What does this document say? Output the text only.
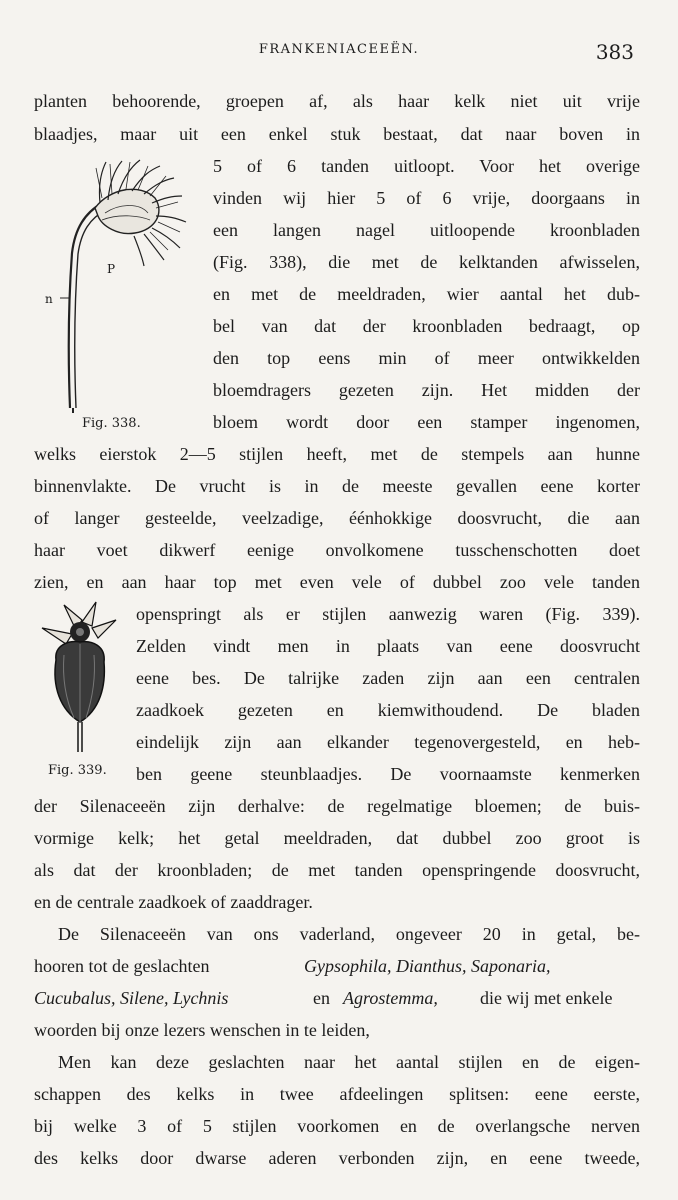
FRANKENIACEEËN.	383
P
n
Fig. 338.
Fig. 339.
planten behoorende, groepen af, als haar kelk niet uit vrije
blaadjes, maar uit een enkel stuk bestaat, dat naar boven in
5 of 6 tanden uitloopt. Voor het overige
vinden wij hier 5 of 6 vrije, doorgaans in
een langen nagel uitloopende kroonbladen
(Fig. 338), die met de kelktanden afwisselen,
en met de meeldraden, wier aantal het dub-
bel van dat der kroonbladen bedraagt, op
den top eens min of meer ontwikkelden
bloemdragers gezeten zijn. Het midden der
bloem wordt door een stamper ingenomen,
welks eierstok 2—5 stijlen heeft, met de stempels aan hunne
binnenvlakte. De vrucht is in de meeste gevallen eene korter
of langer gesteelde, veelzadige, éénhokkige doosvrucht, die aan
haar voet dikwerf eenige onvolkomene tusschenschotten doet
zien, en aan haar top met even vele of dubbel zoo vele tanden
openspringt als er stijlen aanwezig waren (Fig. 339).
Zelden vindt men in plaats van eene doosvrucht
eene bes. De talrijke zaden zijn aan een centralen
zaadkoek gezeten en kiemwithoudend. De bladen
eindelijk zijn aan elkander tegenovergesteld, en heb-
ben geene steunblaadjes. De voornaamste kenmerken
der Silenaceeën zijn derhalve: de regelmatige bloemen; de buis-
vormige kelk; het getal meeldraden, dat dubbel zoo groot is
als dat der kroonbladen; de met tanden openspringende doosvrucht,
en de centrale zaadkoek of zaaddrager.
De Silenaceeën van ons vaderland, ongeveer 20 in getal, be-
hooren tot de geslachten	Gypsophila, Dianthus, Saponaria,
Cucubalus, Silene, Lychnis	en Agrostemma, die wij met enkele
woorden bij onze lezers wenschen in te leiden,
Men kan deze geslachten naar het aantal stijlen en de eigen-
schappen des kelks in twee afdeelingen splitsen: eene eerste,
bij welke 3 of 5 stijlen voorkomen en de overlangsche nerven
des kelks door dwarse aderen verbonden zijn, en eene tweede,
